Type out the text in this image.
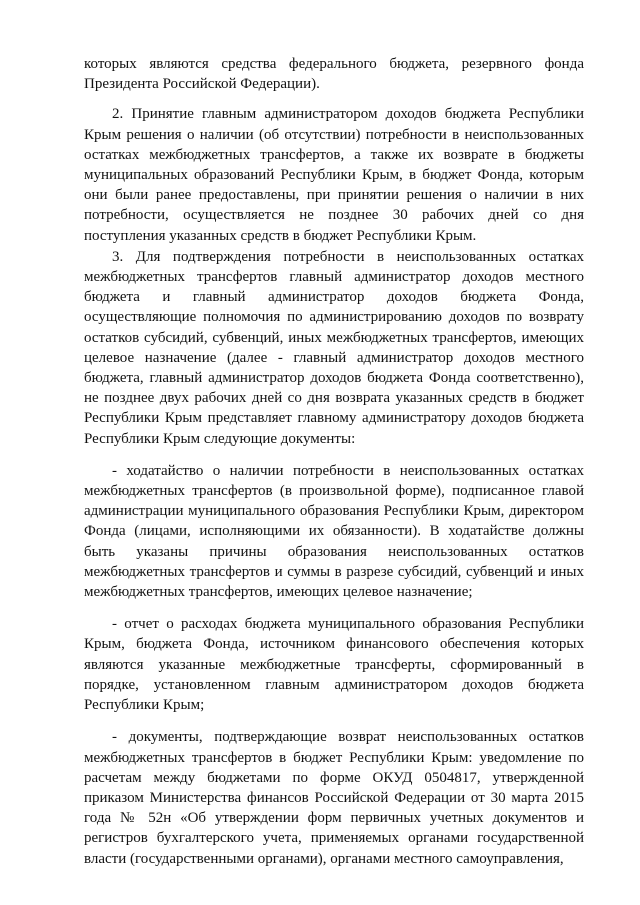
которых являются средства федерального бюджета, резервного фонда Президента Российской Федерации).

2. Принятие главным администратором доходов бюджета Республики Крым решения о наличии (об отсутствии) потребности в неиспользованных остатках межбюджетных трансфертов, а также их возврате в бюджеты муниципальных образований Республики Крым, в бюджет Фонда, которым они были ранее предоставлены, при принятии решения о наличии в них потребности, осуществляется не позднее 30 рабочих дней со дня поступления указанных средств в бюджет Республики Крым.

3. Для подтверждения потребности в неиспользованных остатках межбюджетных трансфертов главный администратор доходов местного бюджета и главный администратор доходов бюджета Фонда, осуществляющие полномочия по администрированию доходов по возврату остатков субсидий, субвенций, иных межбюджетных трансфертов, имеющих целевое назначение (далее - главный администратор доходов местного бюджета, главный администратор доходов бюджета Фонда соответственно), не позднее двух рабочих дней со дня возврата указанных средств в бюджет Республики Крым представляет главному администратору доходов бюджета Республики Крым следующие документы:

- ходатайство о наличии потребности в неиспользованных остатках межбюджетных трансфертов (в произвольной форме), подписанное главой администрации муниципального образования Республики Крым, директором Фонда (лицами, исполняющими их обязанности). В ходатайстве должны быть указаны причины образования неиспользованных остатков межбюджетных трансфертов и суммы в разрезе субсидий, субвенций и иных межбюджетных трансфертов, имеющих целевое назначение;

- отчет о расходах бюджета муниципального образования Республики Крым, бюджета Фонда, источником финансового обеспечения которых являются указанные межбюджетные трансферты, сформированный в порядке, установленном главным администратором доходов бюджета Республики Крым;

- документы, подтверждающие возврат неиспользованных остатков межбюджетных трансфертов в бюджет Республики Крым: уведомление по расчетам между бюджетами по форме ОКУД 0504817, утвержденной приказом Министерства финансов Российской Федерации от 30 марта 2015 года № 52н «Об утверждении форм первичных учетных документов и регистров бухгалтерского учета, применяемых органами государственной власти (государственными органами), органами местного самоуправления,
